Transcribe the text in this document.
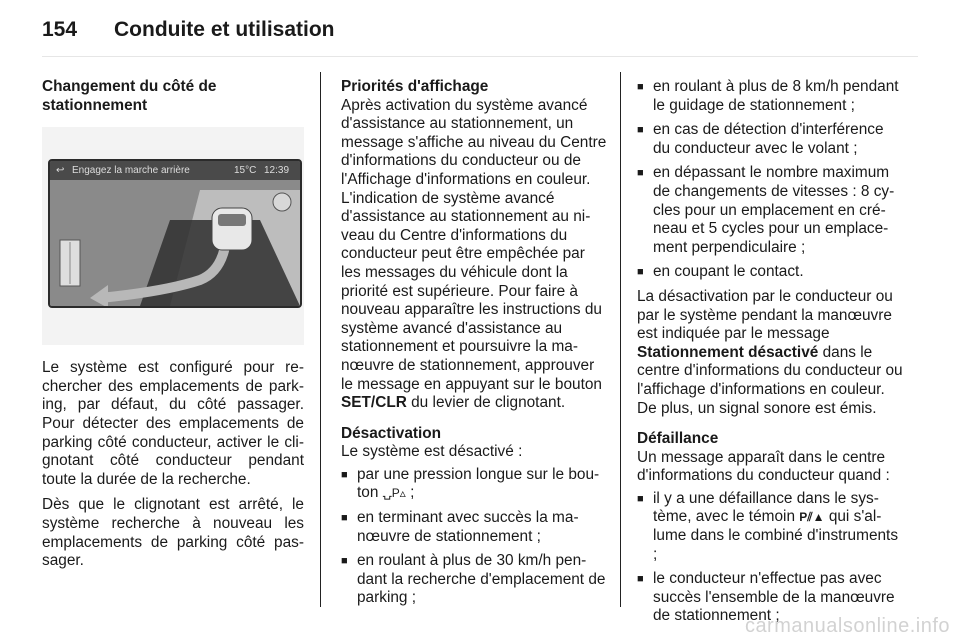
154 Conduite et utilisation
Changement du côté de stationnement
↩ Engagez la marche arrière	15°C 12:39

Le système est configuré pour rechercher des emplacements de parking, par défaut, du côté passager. Pour détecter des emplacements de parking côté conducteur, activer le clignotant côté conducteur pendant toute la durée de la recherche.

Dès que le clignotant est arrêté, le système recherche à nouveau les emplacements de parking côté passager.

Priorités d'affichage

Après activation du système avancé d'assistance au stationnement, un message s'affiche au niveau du Centre d'informations du conducteur ou de l'Affichage d'informations en couleur. L'indication de système avancé d'assistance au stationnement au niveau du Centre d'informations du conducteur peut être empêchée par les messages du véhicule dont la priorité est supérieure. Pour faire à nouveau apparaître les instructions du système avancé d'assistance au stationnement et poursuivre la manœuvre de stationnement, approuver le message en appuyant sur le bouton SET/CLR du levier de clignotant.

Désactivation

Le système est désactivé :

■ par une pression longue sur le bouton ⍽P▵ ;
■ en terminant avec succès la manœuvre de stationnement ;
■ en roulant à plus de 30 km/h pendant la recherche d'emplacement de parking ;
■ en roulant à plus de 8 km/h pendant le guidage de stationnement ;
■ en cas de détection d'interférence du conducteur avec le volant ;
■ en dépassant le nombre maximum de changements de vitesses : 8 cycles pour un emplacement en créneau et 5 cycles pour un emplacement perpendiculaire ;
■ en coupant le contact.

La désactivation par le conducteur ou par le système pendant la manœuvre est indiquée par le message Stationnement désactivé dans le centre d'informations du conducteur ou l'affichage d'informations en couleur. De plus, un signal sonore est émis.

Défaillance

Un message apparaît dans le centre d'informations du conducteur quand :

■ il y a une défaillance dans le système, avec le témoin P⫽▲ qui s'allume dans le combiné d'instruments ;
■ le conducteur n'effectue pas avec succès l'ensemble de la manœuvre de stationnement ;
carmanualsonline.info
